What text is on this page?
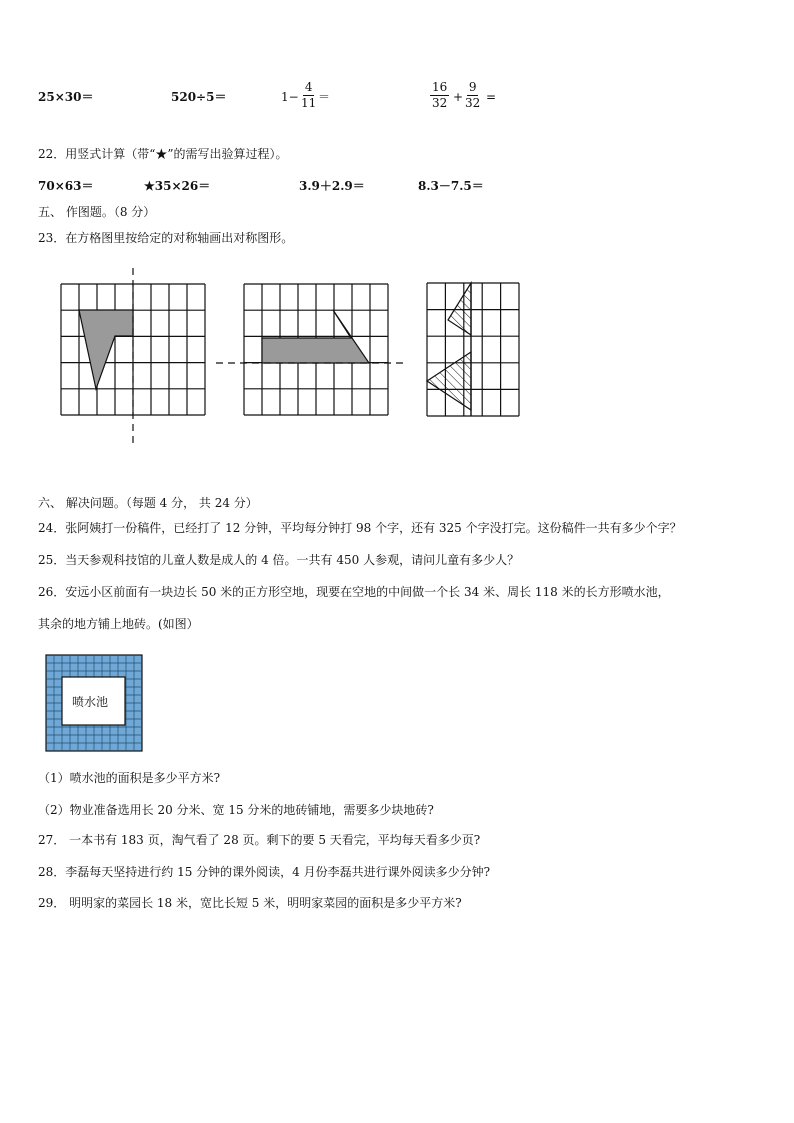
25×30＝	520÷5＝	$1- \frac{4}{11}$ ＝	$\frac{16}{32} + \frac{9}{32}$ =
22．用竖式计算（带“★”的需写出验算过程）。
70×63＝	★35×26＝	3.9＋2.9＝	8.3－7.5＝
五、 作图题。（8 分）
23．在方格图里按给定的对称轴画出对称图形。
六、 解决问题。（每题 4 分， 共 24 分）
24．张阿姨打一份稿件，已经打了 12 分钟，平均每分钟打 98 个字，还有 325 个字没打完。这份稿件一共有多少个字？
25．当天参观科技馆的儿童人数是成人的 4 倍。一共有 450 人参观，请问儿童有多少人？
26．安远小区前面有一块边长 50 米的正方形空地，现要在空地的中间做一个长 34 米、周长 118 米的长方形喷水池，
其余的地方铺上地砖。(如图）
喷水池
（1）喷水池的面积是多少平方米?
（2）物业准备选用长 20 分米、宽 15 分米的地砖铺地，需要多少块地砖?
27． 一本书有 183 页，淘气看了 28 页。剩下的要 5 天看完，平均每天看多少页?
28．李磊每天坚持进行约 15 分钟的课外阅读，4 月份李磊共进行课外阅读多少分钟?
29． 明明家的菜园长 18 米，宽比长短 5 米，明明家菜园的面积是多少平方米?
